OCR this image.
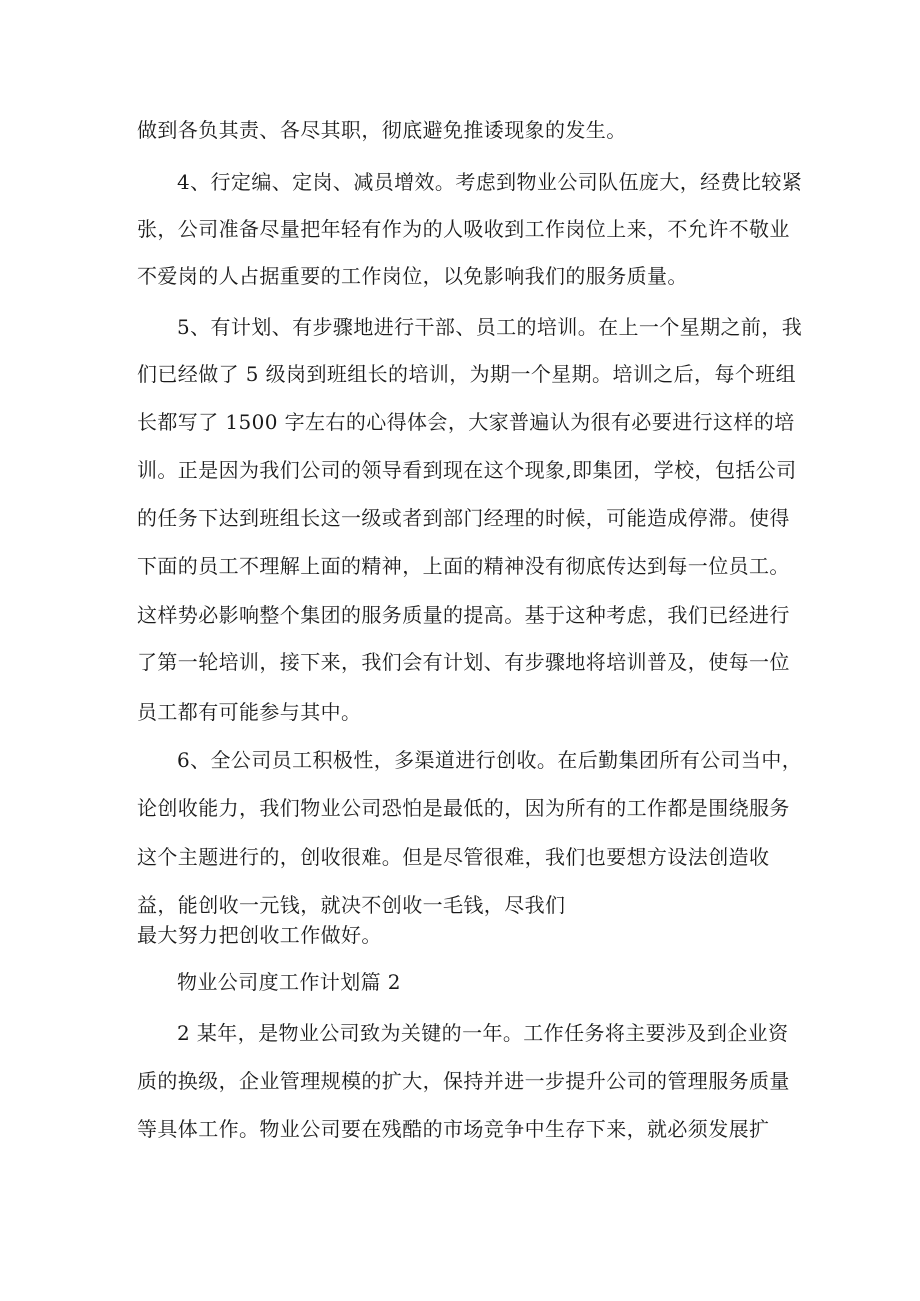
做到各负其责、各尽其职，彻底避免推诿现象的发生。
4、行定编、定岗、减员增效。考虑到物业公司队伍庞大，经费比较紧
张，公司准备尽量把年轻有作为的人吸收到工作岗位上来，不允许不敬业
不爱岗的人占据重要的工作岗位，以免影响我们的服务质量。
5、有计划、有步骤地进行干部、员工的培训。在上一个星期之前，我
们已经做了 5 级岗到班组长的培训，为期一个星期。培训之后，每个班组
长都写了 1500 字左右的心得体会，大家普遍认为很有必要进行这样的培
训。正是因为我们公司的领导看到现在这个现象,即集团，学校，包括公司
的任务下达到班组长这一级或者到部门经理的时候，可能造成停滞。使得
下面的员工不理解上面的精神，上面的精神没有彻底传达到每一位员工。
这样势必影响整个集团的服务质量的提高。基于这种考虑，我们已经进行
了第一轮培训，接下来，我们会有计划、有步骤地将培训普及，使每一位
员工都有可能参与其中。
6、全公司员工积极性，多渠道进行创收。在后勤集团所有公司当中，
论创收能力，我们物业公司恐怕是最低的，因为所有的工作都是围绕服务
这个主题进行的，创收很难。但是尽管很难，我们也要想方设法创造收
益，能创收一元钱，就决不创收一毛钱，尽我们
最大努力把创收工作做好。
物业公司度工作计划篇 2
2 某年，是物业公司致为关键的一年。工作任务将主要涉及到企业资
质的换级，企业管理规模的扩大，保持并进一步提升公司的管理服务质量
等具体工作。物业公司要在残酷的市场竞争中生存下来，就必须发展扩
